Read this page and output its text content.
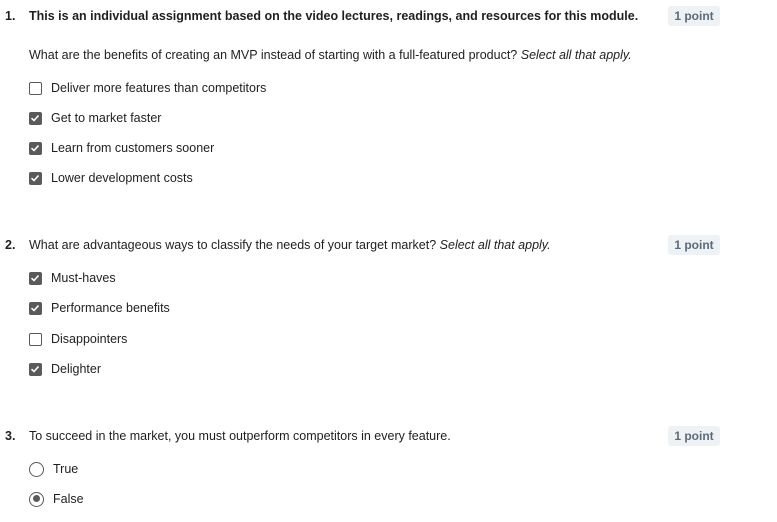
1. This is an individual assignment based on the video lectures, readings, and resources for this module.	1 point
What are the benefits of creating an MVP instead of starting with a full-featured product? Select all that apply.
Deliver more features than competitors
Get to market faster
Learn from customers sooner
Lower development costs
2. What are advantageous ways to classify the needs of your target market? Select all that apply.	1 point
Must-haves
Performance benefits
Disappointers
Delighter
3. To succeed in the market, you must outperform competitors in every feature.	1 point
True
False
